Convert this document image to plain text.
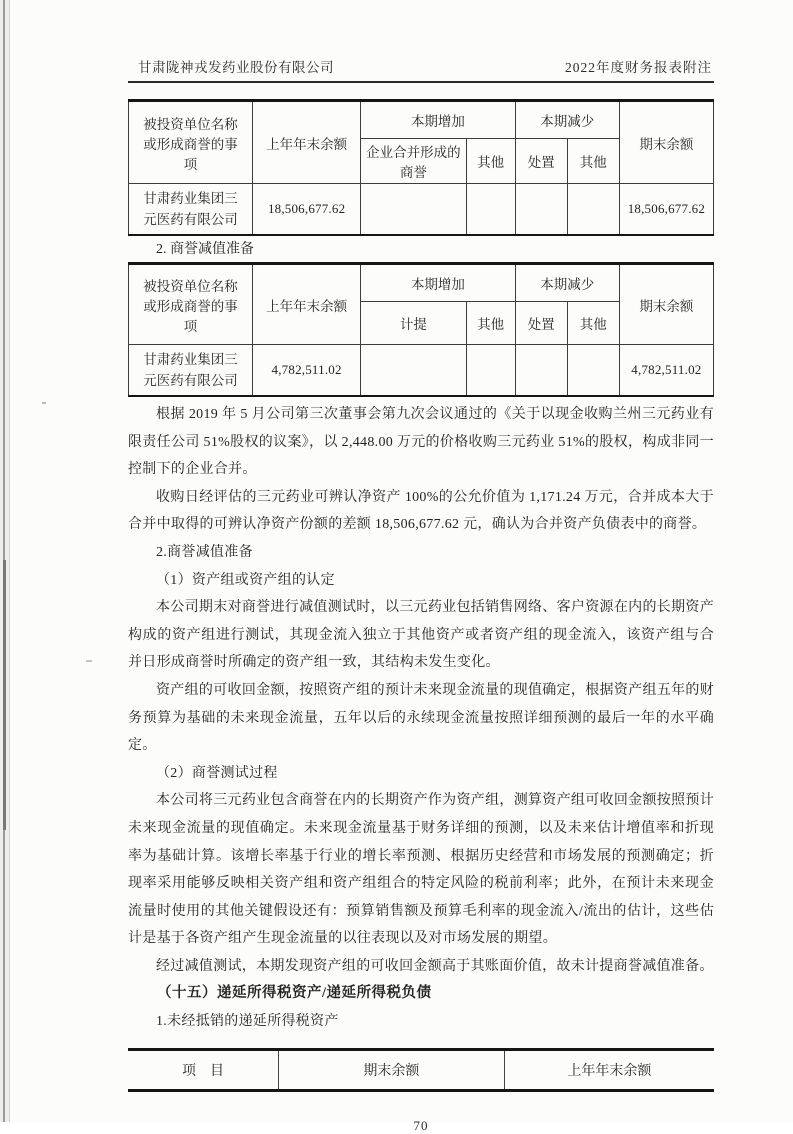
甘肃陇神戎发药业股份有限公司	2022年度财务报表附注
被投资单位名称或形成商誉的事项	上年年末余额	本期增加		本期减少		期末余额
		企业合并形成的商誉	其他	处置	其他	
甘肃药业集团三元医药有限公司	18,506,677.62					18,506,677.62
2. 商誉减值准备
被投资单位名称或形成商誉的事项	上年年末余额	本期增加		本期减少		期末余额
		计提	其他	处置	其他	
甘肃药业集团三元医药有限公司	4,782,511.02					4,782,511.02

根据 2019 年 5 月公司第三次董事会第九次会议通过的《关于以现金收购兰州三元药业有限责任公司 51%股权的议案》，以 2,448.00 万元的价格收购三元药业 51%的股权，构成非同一控制下的企业合并。

收购日经评估的三元药业可辨认净资产 100%的公允价值为 1,171.24 万元，合并成本大于合并中取得的可辨认净资产份额的差额 18,506,677.62 元，确认为合并资产负债表中的商誉。

2.商誉减值准备

（1）资产组或资产组的认定

本公司期末对商誉进行减值测试时，以三元药业包括销售网络、客户资源在内的长期资产构成的资产组进行测试，其现金流入独立于其他资产或者资产组的现金流入，该资产组与合并日形成商誉时所确定的资产组一致，其结构未发生变化。

资产组的可收回金额，按照资产组的预计未来现金流量的现值确定，根据资产组五年的财务预算为基础的未来现金流量，五年以后的永续现金流量按照详细预测的最后一年的水平确定。

（2）商誉测试过程

本公司将三元药业包含商誉在内的长期资产作为资产组，测算资产组可收回金额按照预计未来现金流量的现值确定。未来现金流量基于财务详细的预测，以及未来估计增值率和折现率为基础计算。该增长率基于行业的增长率预测、根据历史经营和市场发展的预测确定；折现率采用能够反映相关资产组和资产组组合的特定风险的税前利率；此外，在预计未来现金流量时使用的其他关键假设还有：预算销售额及预算毛利率的现金流入/流出的估计，这些估计是基于各资产组产生现金流量的以往表现以及对市场发展的期望。

经过减值测试，本期发现资产组的可收回金额高于其账面价值，故未计提商誉减值准备。

（十五）递延所得税资产/递延所得税负债

1.未经抵销的递延所得税资产

项　目	期末余额	上年年末余额
70
